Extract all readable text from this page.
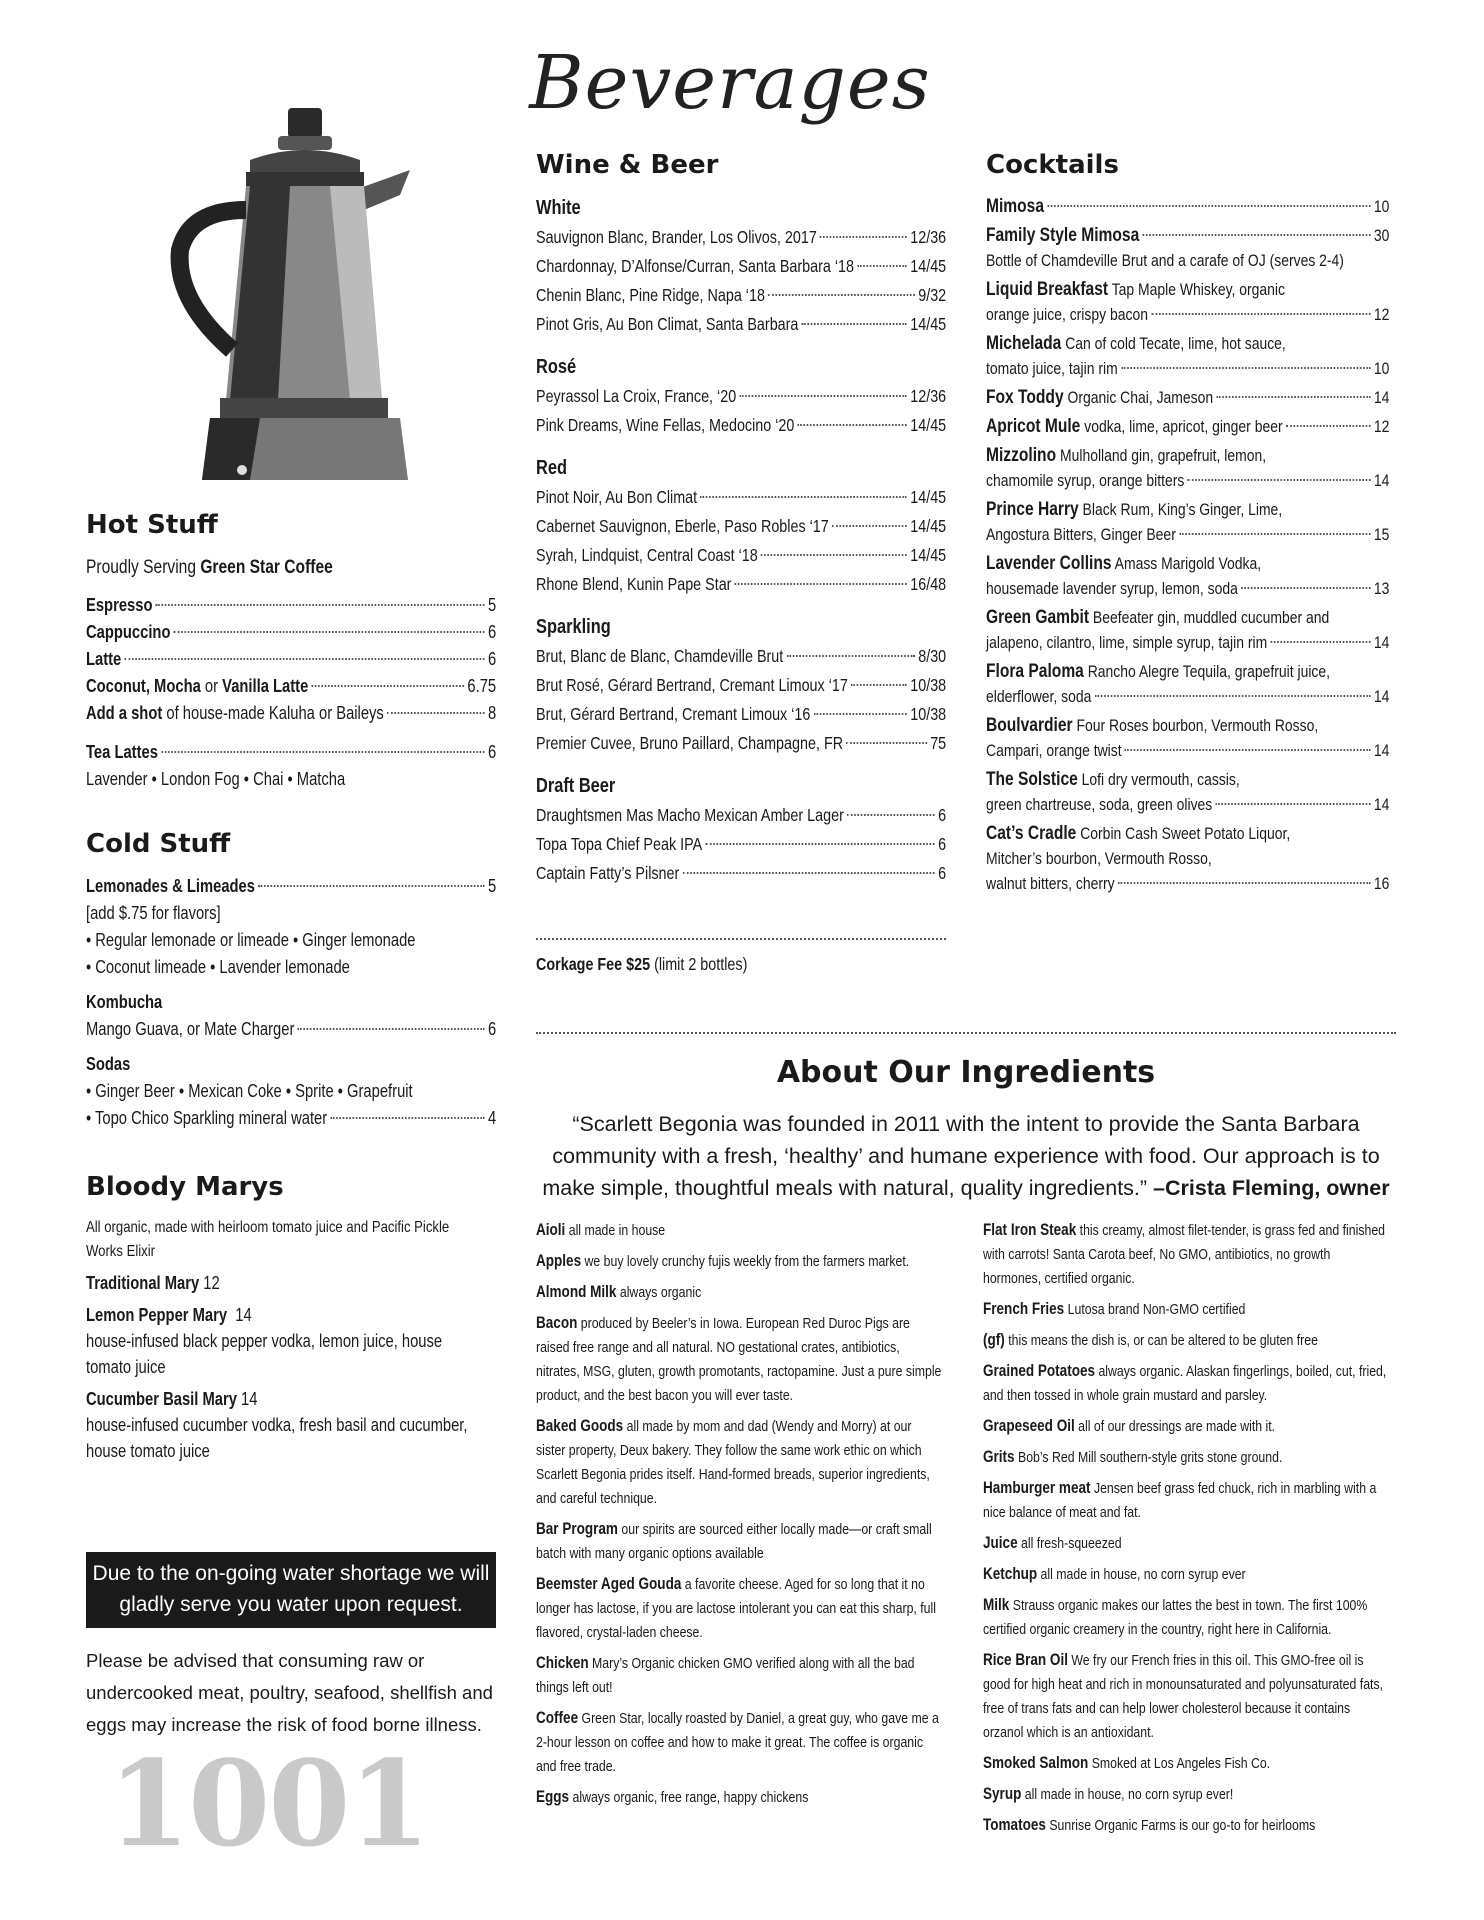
Beverages
Hot Stuff
Proudly Serving Green Star Coffee
Espresso	5
Cappuccino	6
Latte	6
Coconut, Mocha or Vanilla Latte	6.75
Add a shot of house-made Kaluha or Baileys	8
Tea Lattes	6
Lavender • London Fog • Chai • Matcha
Cold Stuff
Lemonades & Limeades	5
[add $.75 for flavors]
• Regular lemonade or limeade • Ginger lemonade
• Coconut limeade • Lavender lemonade
Kombucha
Mango Guava, or Mate Charger	6
Sodas
• Ginger Beer • Mexican Coke • Sprite • Grapefruit
• Topo Chico Sparkling mineral water	4
Bloody Marys
All organic, made with heirloom tomato juice and Pacific Pickle Works Elixir
Traditional Mary 12
Lemon Pepper Mary 14
house-infused black pepper vodka, lemon juice, house tomato juice
Cucumber Basil Mary 14
house-infused cucumber vodka, fresh basil and cucumber, house tomato juice
Due to the on-going water shortage we will gladly serve you water upon request.
Please be advised that consuming raw or undercooked meat, poultry, seafood, shellfish and eggs may increase the risk of food borne illness.
1001
Wine & Beer
White
Sauvignon Blanc, Brander, Los Olivos, 2017	12/36
Chardonnay, D’Alfonse/Curran, Santa Barbara ‘18	14/45
Chenin Blanc, Pine Ridge, Napa ‘18	9/32
Pinot Gris, Au Bon Climat, Santa Barbara	14/45
Rosé
Peyrassol La Croix, France, ‘20	12/36
Pink Dreams, Wine Fellas, Medocino ‘20	14/45
Red
Pinot Noir, Au Bon Climat	14/45
Cabernet Sauvignon, Eberle, Paso Robles ‘17	14/45
Syrah, Lindquist, Central Coast ‘18	14/45
Rhone Blend, Kunin Pape Star	16/48
Sparkling
Brut, Blanc de Blanc, Chamdeville Brut	8/30
Brut Rosé, Gérard Bertrand, Cremant Limoux ‘17	10/38
Brut, Gérard Bertrand, Cremant Limoux ‘16	10/38
Premier Cuvee, Bruno Paillard, Champagne, FR	75
Draft Beer
Draughtsmen Mas Macho Mexican Amber Lager	6
Topa Topa Chief Peak IPA	6
Captain Fatty’s Pilsner	6
Corkage Fee $25 (limit 2 bottles)
Cocktails
Mimosa	10
Family Style Mimosa	30
Bottle of Chamdeville Brut and a carafe of OJ (serves 2-4)
Liquid Breakfast Tap Maple Whiskey, organic
orange juice, crispy bacon	12
Michelada Can of cold Tecate, lime, hot sauce,
tomato juice, tajin rim	10
Fox Toddy Organic Chai, Jameson	14
Apricot Mule vodka, lime, apricot, ginger beer	12
Mizzolino Mulholland gin, grapefruit, lemon,
chamomile syrup, orange bitters	14
Prince Harry Black Rum, King’s Ginger, Lime,
Angostura Bitters, Ginger Beer	15
Lavender Collins Amass Marigold Vodka,
housemade lavender syrup, lemon, soda	13
Green Gambit Beefeater gin, muddled cucumber and
jalapeno, cilantro, lime, simple syrup, tajin rim	14
Flora Paloma Rancho Alegre Tequila, grapefruit juice,
elderflower, soda	14
Boulvardier Four Roses bourbon, Vermouth Rosso,
Campari, orange twist	14
The Solstice Lofi dry vermouth, cassis,
green chartreuse, soda, green olives	14
Cat’s Cradle Corbin Cash Sweet Potato Liquor,
Mitcher’s bourbon, Vermouth Rosso,
walnut bitters, cherry	16
About Our Ingredients
“Scarlett Begonia was founded in 2011 with the intent to provide the Santa Barbara community with a fresh, ‘healthy’ and humane experience with food. Our approach is to make simple, thoughtful meals with natural, quality ingredients.” –Crista Fleming, owner

Aioli all made in house

Apples we buy lovely crunchy fujis weekly from the farmers market.

Almond Milk always organic

Bacon produced by Beeler’s in Iowa. European Red Duroc Pigs are raised free range and all natural. NO gestational crates, antibiotics, nitrates, MSG, gluten, growth promotants, ractopamine. Just a pure simple product, and the best bacon you will ever taste.

Baked Goods all made by mom and dad (Wendy and Morry) at our sister property, Deux bakery. They follow the same work ethic on which Scarlett Begonia prides itself. Hand-formed breads, superior ingredients, and careful technique.

Bar Program our spirits are sourced either locally made—or craft small batch with many organic options available

Beemster Aged Gouda a favorite cheese. Aged for so long that it no longer has lactose, if you are lactose intolerant you can eat this sharp, full flavored, crystal-laden cheese.

Chicken Mary’s Organic chicken GMO verified along with all the bad things left out!

Coffee Green Star, locally roasted by Daniel, a great guy, who gave me a 2-hour lesson on coffee and how to make it great. The coffee is organic and free trade.

Eggs always organic, free range, happy chickens

Flat Iron Steak this creamy, almost filet-tender, is grass fed and finished with carrots! Santa Carota beef, No GMO, antibiotics, no growth hormones, certified organic.

French Fries Lutosa brand Non-GMO certified

(gf) this means the dish is, or can be altered to be gluten free

Grained Potatoes always organic. Alaskan fingerlings, boiled, cut, fried, and then tossed in whole grain mustard and parsley.

Grapeseed Oil all of our dressings are made with it.

Grits Bob’s Red Mill southern-style grits stone ground.

Hamburger meat Jensen beef grass fed chuck, rich in marbling with a nice balance of meat and fat.

Juice all fresh-squeezed

Ketchup all made in house, no corn syrup ever

Milk Strauss organic makes our lattes the best in town. The first 100% certified organic creamery in the country, right here in California.

Rice Bran Oil We fry our French fries in this oil. This GMO-free oil is good for high heat and rich in monounsaturated and polyunsaturated fats, free of trans fats and can help lower cholesterol because it contains orzanol which is an antioxidant.

Smoked Salmon Smoked at Los Angeles Fish Co.

Syrup all made in house, no corn syrup ever!

Tomatoes Sunrise Organic Farms is our go-to for heirlooms
